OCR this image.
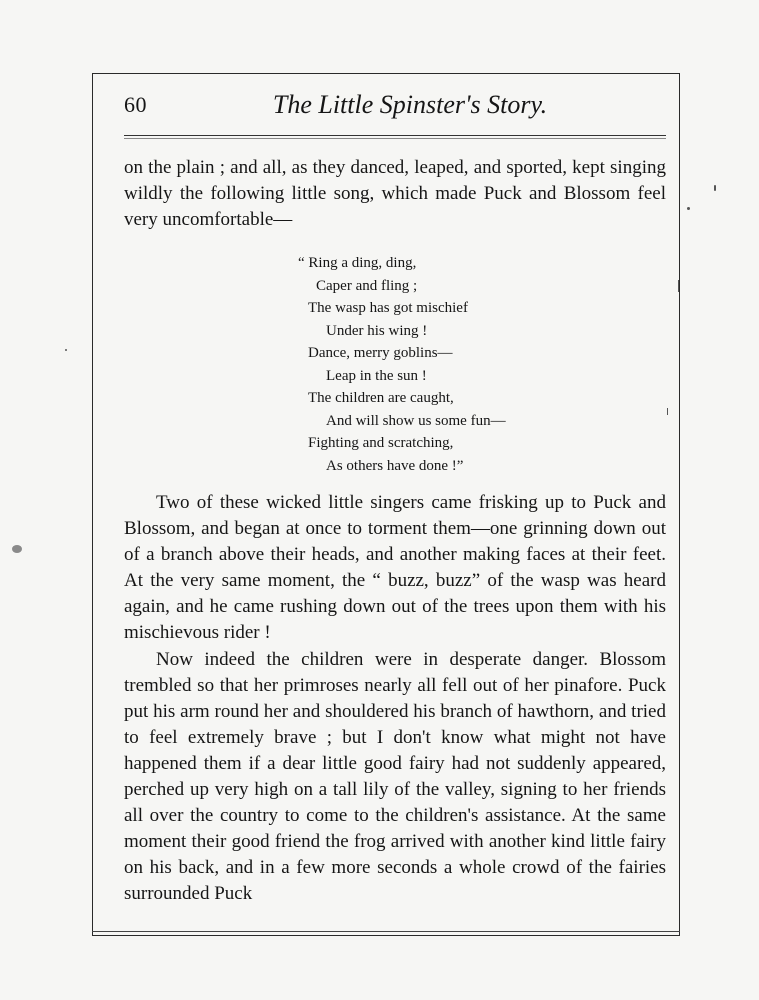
60	The Little Spinster's Story.
on the plain ; and all, as they danced, leaped, and sported, kept singing wildly the following little song, which made Puck and Blossom feel very uncomfortable—
“ Ring a ding, ding,
Caper and fling ;
The wasp has got mischief
Under his wing !
Dance, merry goblins—
Leap in the sun !
The children are caught,
And will show us some fun—
Fighting and scratching,
As others have done !”
Two of these wicked little singers came frisking up to Puck and Blossom, and began at once to torment them—one grinning down out of a branch above their heads, and another making faces at their feet. At the very same moment, the “ buzz, buzz” of the wasp was heard again, and he came rushing down out of the trees upon them with his mischievous rider !
Now indeed the children were in desperate danger. Blossom trembled so that her primroses nearly all fell out of her pinafore. Puck put his arm round her and shouldered his branch of hawthorn, and tried to feel extremely brave ; but I don't know what might not have happened them if a dear little good fairy had not suddenly appeared, perched up very high on a tall lily of the valley, signing to her friends all over the country to come to the children's assistance. At the same moment their good friend the frog arrived with another kind little fairy on his back, and in a few more seconds a whole crowd of the fairies surrounded Puck
